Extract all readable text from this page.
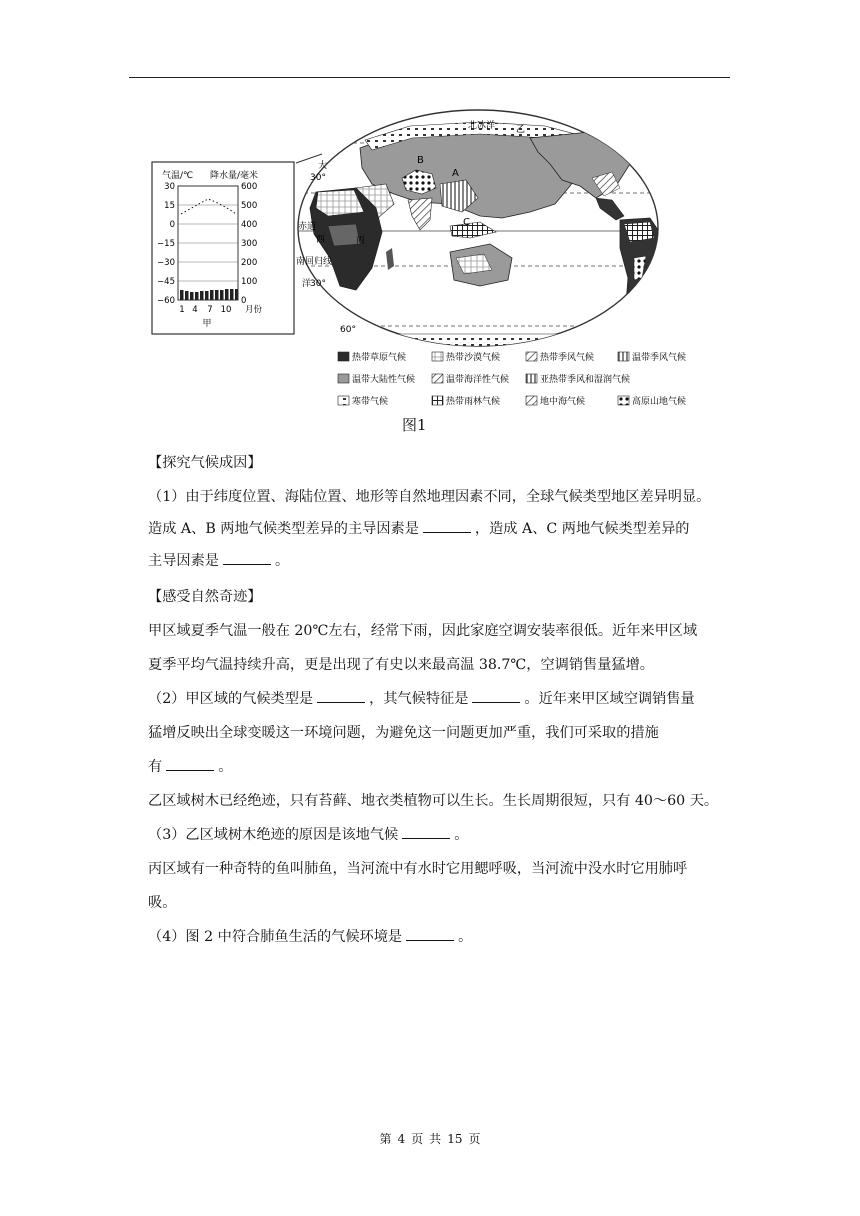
气温/℃ 降水量/毫米
30
15
0
−15
−30
−45
−60
600
500
400
300
200
100
0
1 4 7 10 月份
甲
北冰洋 乙
B
A
C
丙
西
赤道
南回归线
洋
大
30°
30°
60°
热带草原气候	热带沙漠气候	热带季风气候	温带季风气候
温带大陆性气候	温带海洋性气候	亚热带季风和湿润气候
寒带气候	热带雨林气候	地中海气候	高原山地气候
图1
【探究气候成因】
（1）由于纬度位置、海陆位置、地形等自然地理因素不同，全球气候类型地区差异明显。
造成 A、B 两地气候类型差异的主导因素是	，造成 A、C 两地气候类型差异的
主导因素是	。
【感受自然奇迹】
甲区域夏季气温一般在 20℃左右，经常下雨，因此家庭空调安装率很低。近年来甲区域
夏季平均气温持续升高，更是出现了有史以来最高温 38.7℃，空调销售量猛增。
（2）甲区域的气候类型是	，其气候特征是	。近年来甲区域空调销售量
猛增反映出全球变暖这一环境问题，为避免这一问题更加严重，我们可采取的措施
有	。
乙区域树木已经绝迹，只有苔藓、地衣类植物可以生长。生长周期很短，只有 40～60 天。
（3）乙区域树木绝迹的原因是该地气候	。
丙区域有一种奇特的鱼叫肺鱼，当河流中有水时它用鳃呼吸，当河流中没水时它用肺呼
吸。
（4）图 2 中符合肺鱼生活的气候环境是	。
第 4 页 共 15 页
